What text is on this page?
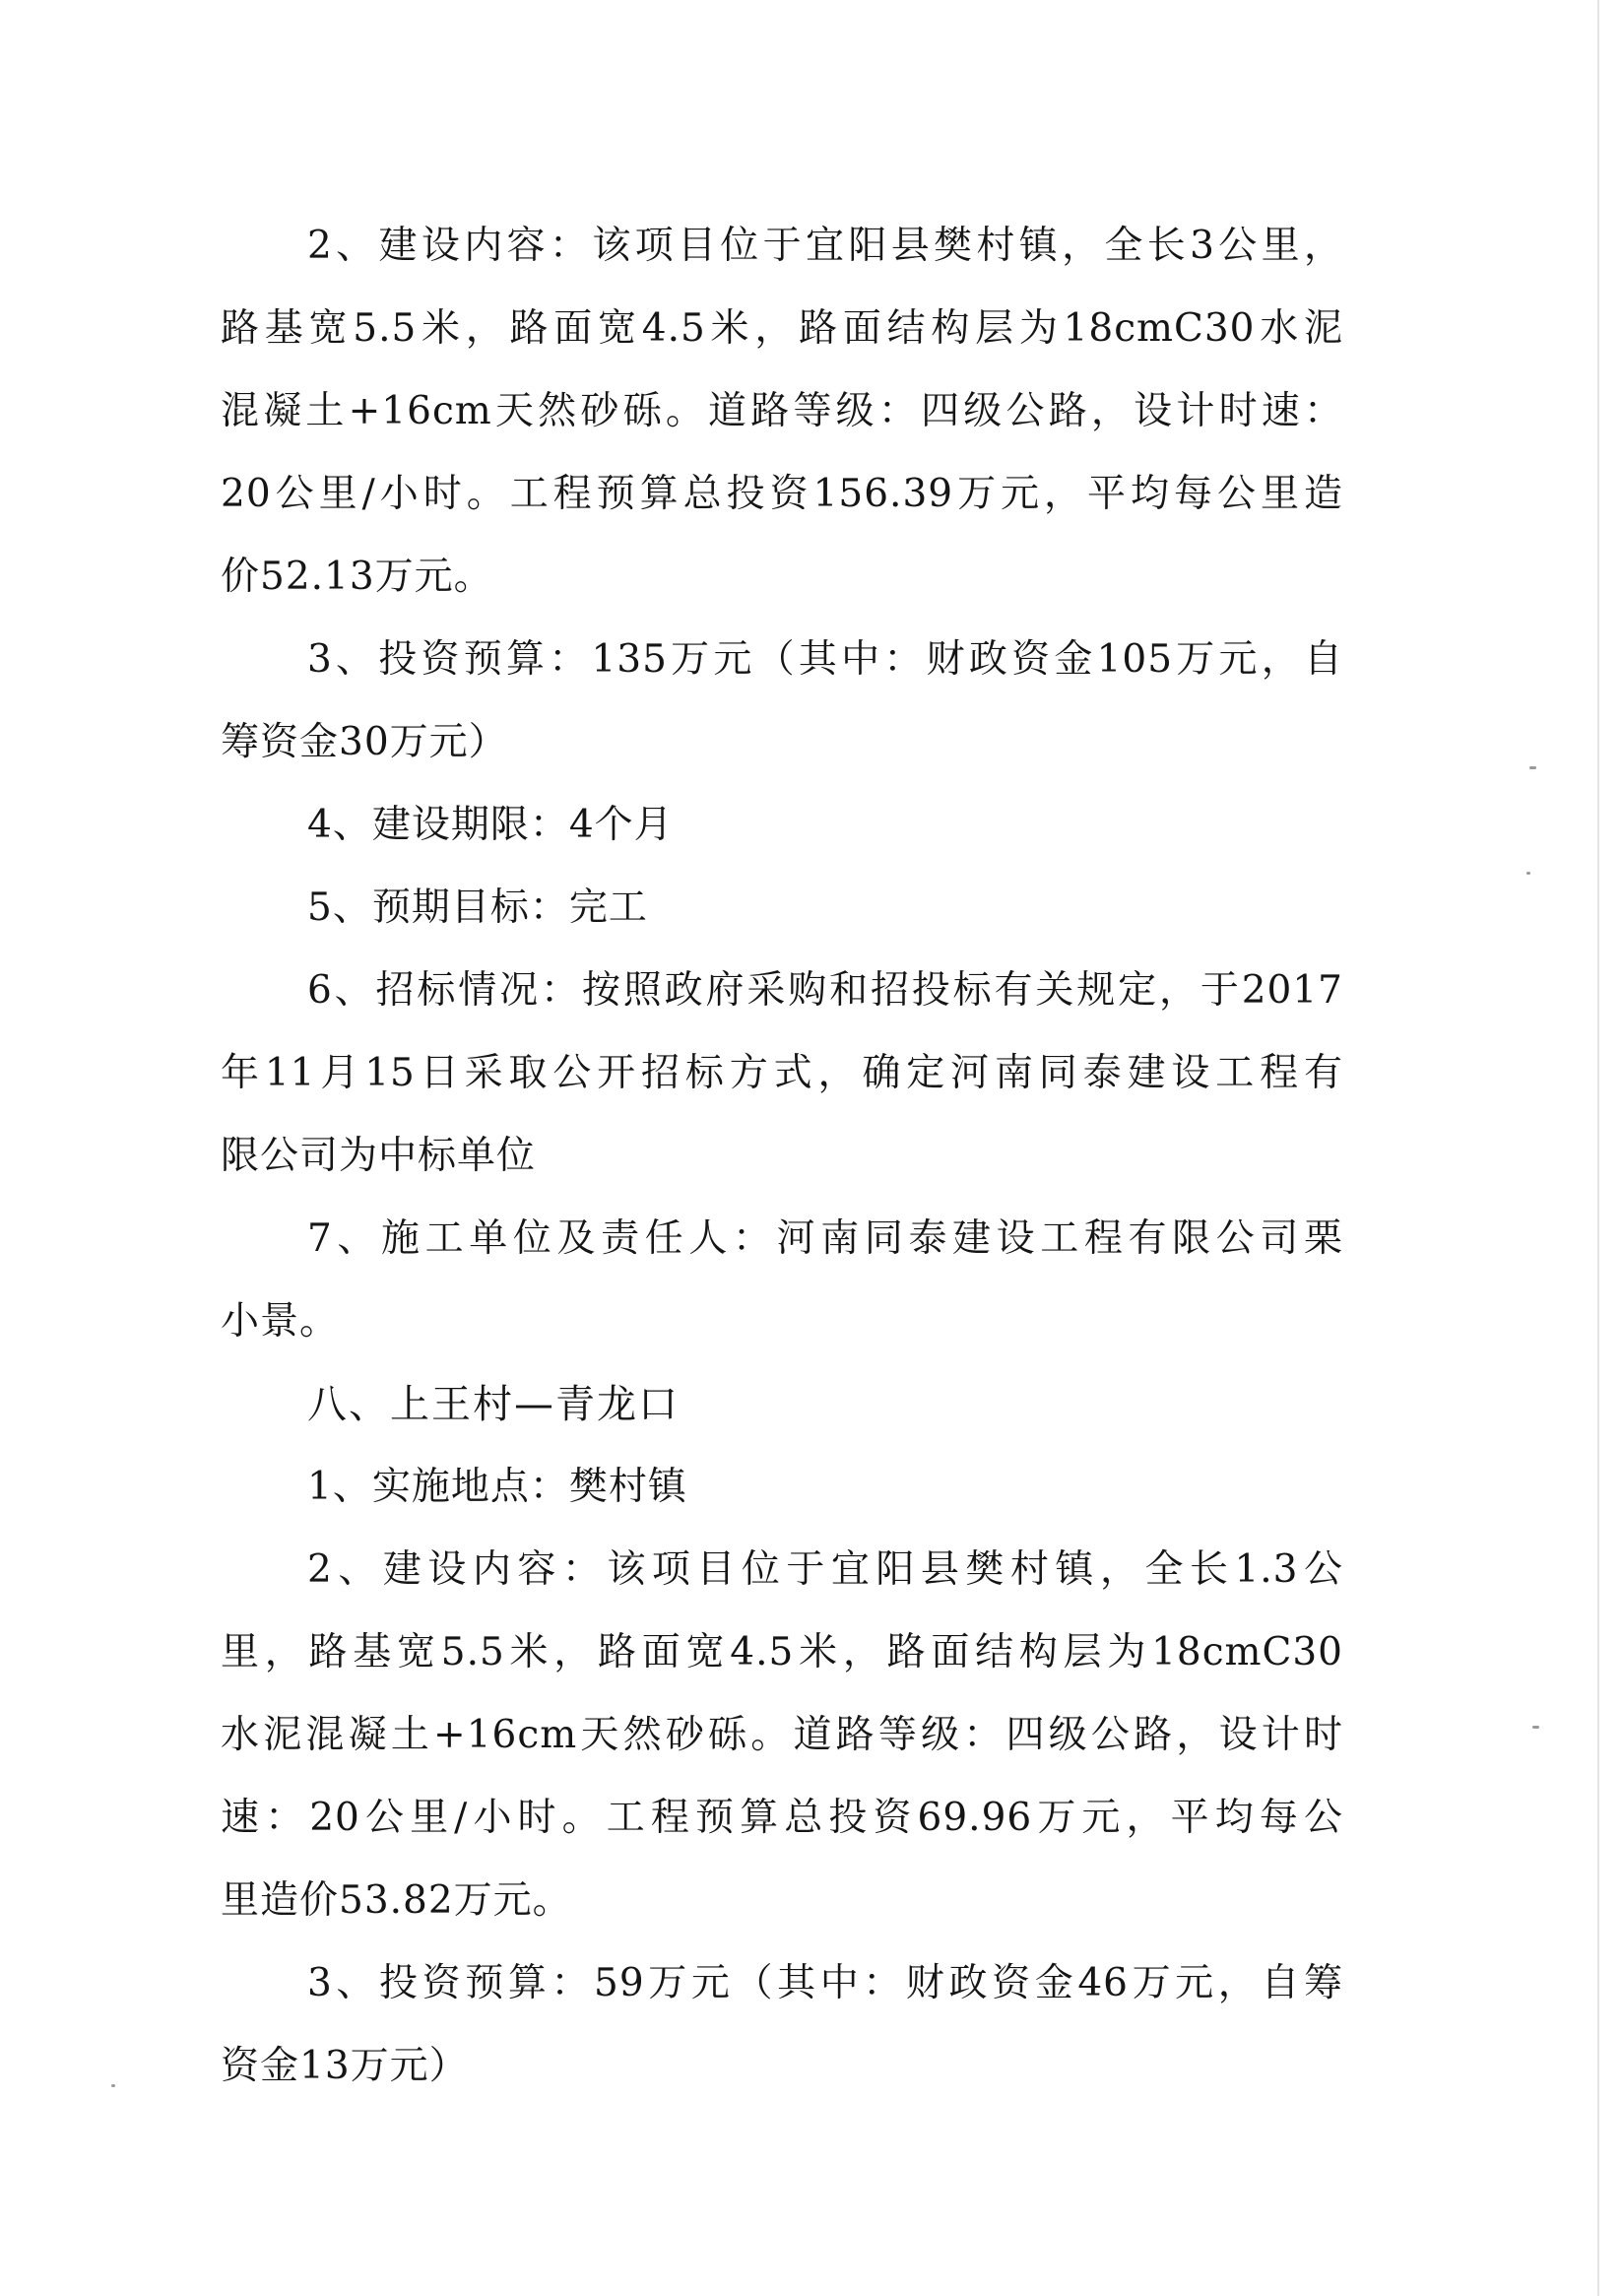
2、建设内容：该项目位于宜阳县樊村镇，全长3公里，
路基宽5.5米，路面宽4.5米，路面结构层为18cmC30水泥
混凝土+16cm天然砂砾。道路等级：四级公路，设计时速：
20公里/小时。工程预算总投资156.39万元，平均每公里造
价52.13万元。
3、投资预算：135万元（其中：财政资金105万元，自
筹资金30万元）
4、建设期限：4个月
5、预期目标：完工
6、招标情况：按照政府采购和招投标有关规定，于2017
年11月15日采取公开招标方式，确定河南同泰建设工程有
限公司为中标单位
7、施工单位及责任人：河南同泰建设工程有限公司栗
小景。
八、上王村—青龙口
1、实施地点：樊村镇
2、建设内容：该项目位于宜阳县樊村镇，全长1.3公
里，路基宽5.5米，路面宽4.5米，路面结构层为18cmC30
水泥混凝土+16cm天然砂砾。道路等级：四级公路，设计时
速：20公里/小时。工程预算总投资69.96万元，平均每公
里造价53.82万元。
3、投资预算：59万元（其中：财政资金46万元，自筹
资金13万元）
